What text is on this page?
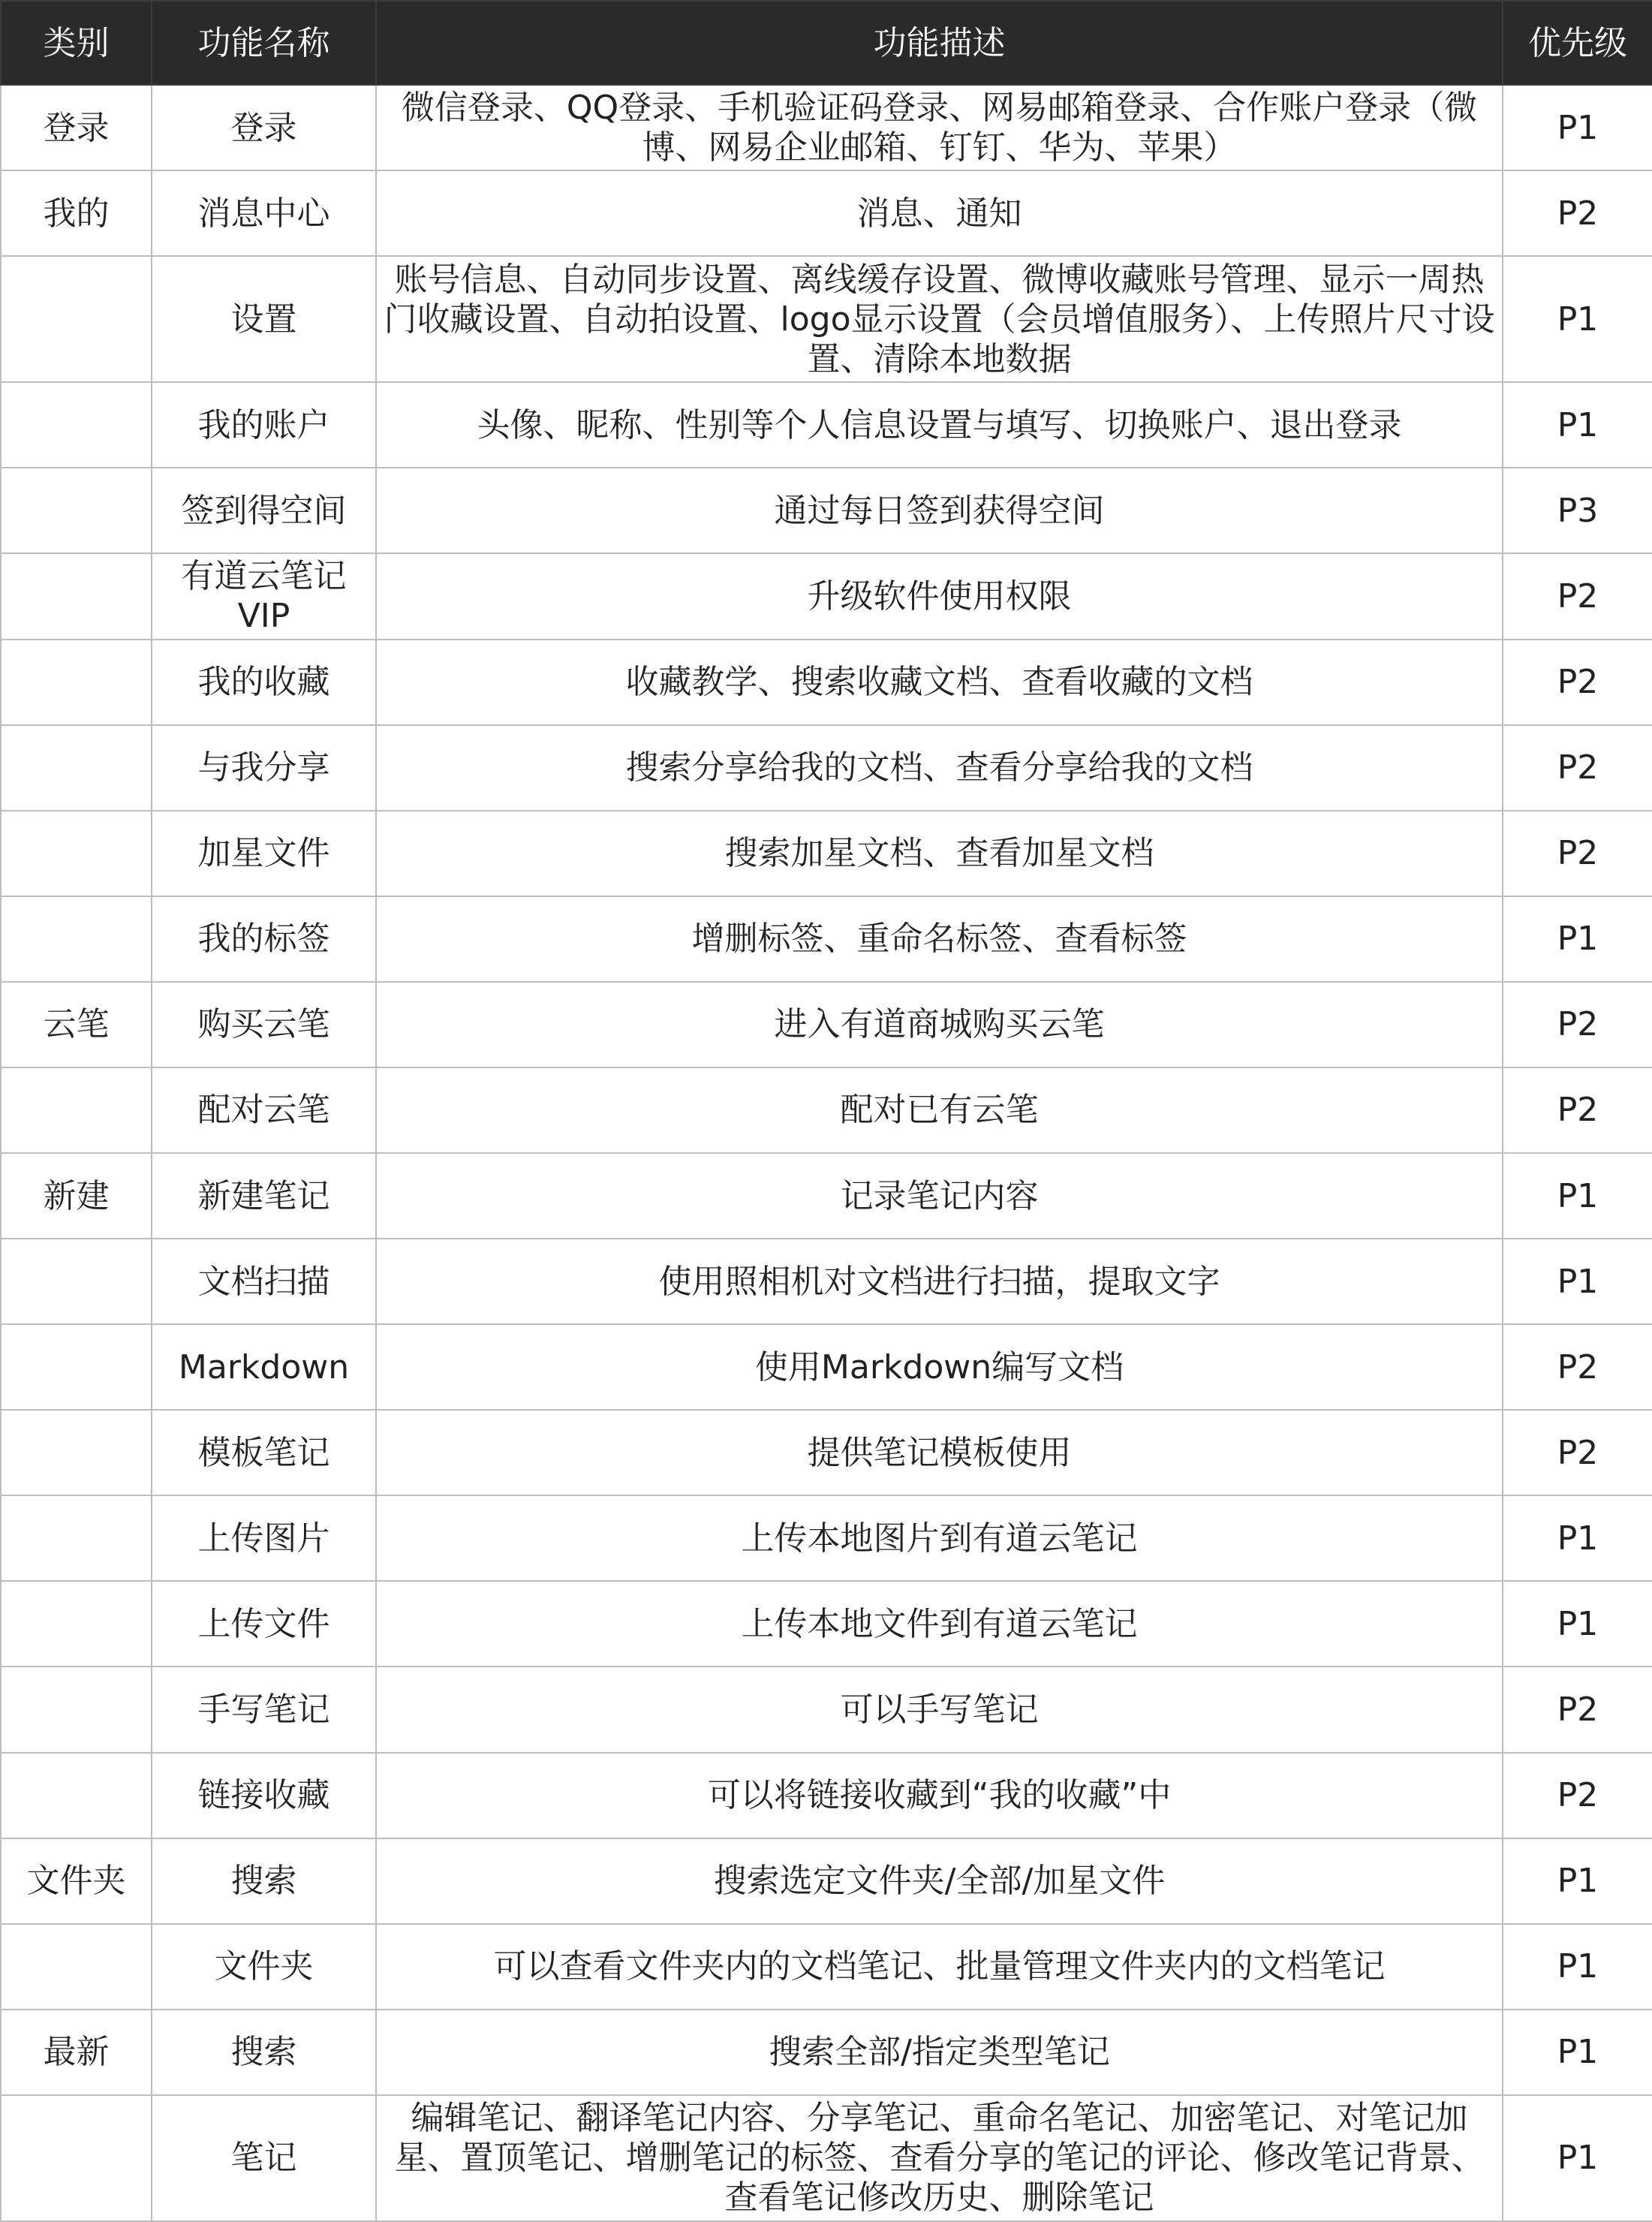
类别	功能名称	功能描述	优先级
登录	登录	微信登录、QQ登录、手机验证码登录、网易邮箱登录、合作账户登录（微博、网易企业邮箱、钉钉、华为、苹果）	P1
我的	消息中心	消息、通知	P2
	设置	账号信息、自动同步设置、离线缓存设置、微博收藏账号管理、显示一周热门收藏设置、自动拍设置、logo显示设置（会员增值服务）、上传照片尺寸设置、清除本地数据	P1
	我的账户	头像、昵称、性别等个人信息设置与填写、切换账户、退出登录	P1
	签到得空间	通过每日签到获得空间	P3
	有道云笔记VIP	升级软件使用权限	P2
	我的收藏	收藏教学、搜索收藏文档、查看收藏的文档	P2
	与我分享	搜索分享给我的文档、查看分享给我的文档	P2
	加星文件	搜索加星文档、查看加星文档	P2
	我的标签	增删标签、重命名标签、查看标签	P1
云笔	购买云笔	进入有道商城购买云笔	P2
	配对云笔	配对已有云笔	P2
新建	新建笔记	记录笔记内容	P1
	文档扫描	使用照相机对文档进行扫描，提取文字	P1
	Markdown	使用Markdown编写文档	P2
	模板笔记	提供笔记模板使用	P2
	上传图片	上传本地图片到有道云笔记	P1
	上传文件	上传本地文件到有道云笔记	P1
	手写笔记	可以手写笔记	P2
	链接收藏	可以将链接收藏到“我的收藏”中	P2
文件夹	搜索	搜索选定文件夹/全部/加星文件	P1
	文件夹	可以查看文件夹内的文档笔记、批量管理文件夹内的文档笔记	P1
最新	搜索	搜索全部/指定类型笔记	P1
	笔记	编辑笔记、翻译笔记内容、分享笔记、重命名笔记、加密笔记、对笔记加星、置顶笔记、增删笔记的标签、查看分享的笔记的评论、修改笔记背景、查看笔记修改历史、删除笔记	P1
